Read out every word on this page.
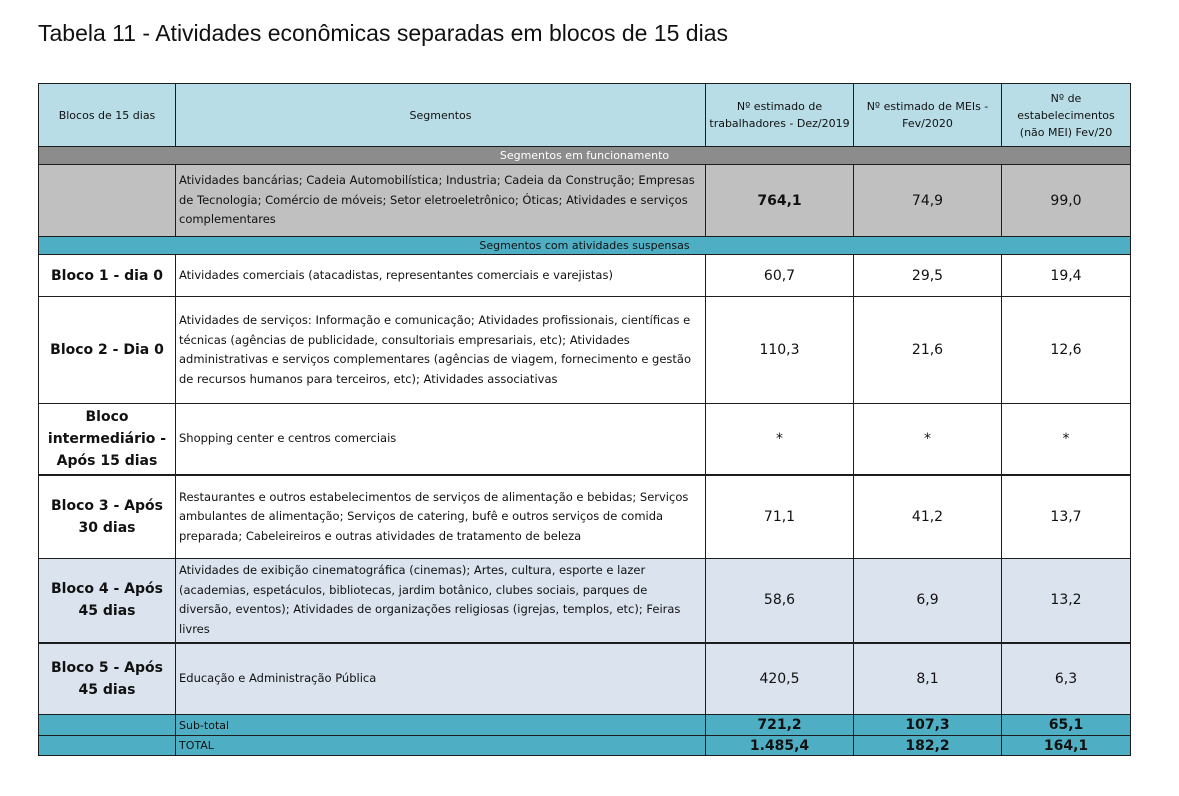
Tabela 11 - Atividades econômicas separadas em blocos de 15 dias
Blocos de 15 dias	Segmentos	Nº estimado de trabalhadores - Dez/2019	Nº estimado de MEIs - Fev/2020	Nº de estabelecimentos (não MEI) Fev/20
Segmentos em funcionamento				
	Atividades bancárias; Cadeia Automobilística; Industria; Cadeia da Construção; Empresas de Tecnologia; Comércio de móveis; Setor eletroeletrônico; Óticas; Atividades e serviços complementares	764,1	74,9	99,0
Segmentos com atividades suspensas				
Bloco 1 - dia 0	Atividades comerciais (atacadistas, representantes comerciais e varejistas)	60,7	29,5	19,4
Bloco 2 - Dia 0	Atividades de serviços: Informação e comunicação; Atividades profissionais, científicas e técnicas (agências de publicidade, consultoriais empresariais, etc); Atividades administrativas e serviços complementares (agências de viagem, fornecimento e gestão de recursos humanos para terceiros, etc); Atividades associativas	110,3	21,6	12,6
Bloco intermediário - Após 15 dias	Shopping center e centros comerciais	*	*	*
Bloco 3 - Após 30 dias	Restaurantes e outros estabelecimentos de serviços de alimentação e bebidas; Serviços ambulantes de alimentação; Serviços de catering, bufê e outros serviços de comida preparada; Cabeleireiros e outras atividades de tratamento de beleza	71,1	41,2	13,7
Bloco 4 - Após 45 dias	Atividades de exibição cinematográfica (cinemas); Artes, cultura, esporte e lazer (academias, espetáculos, bibliotecas, jardim botânico, clubes sociais, parques de diversão, eventos); Atividades de organizações religiosas (igrejas, templos, etc); Feiras livres	58,6	6,9	13,2
Bloco 5 - Após 45 dias	Educação e Administração Pública	420,5	8,1	6,3
	Sub-total	721,2	107,3	65,1
	TOTAL	1.485,4	182,2	164,1
